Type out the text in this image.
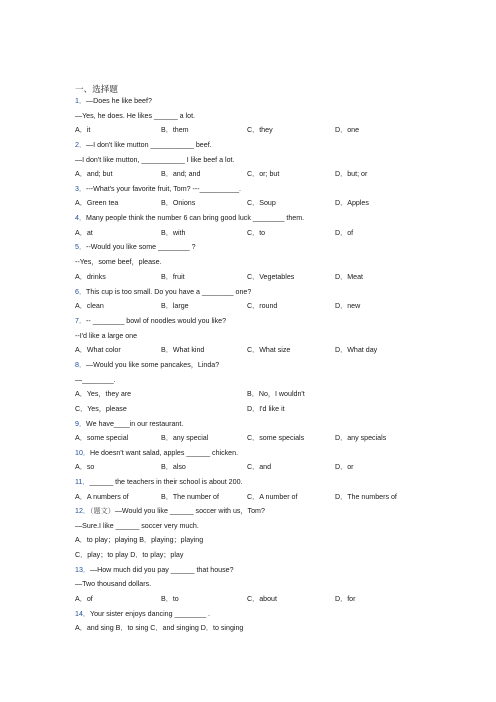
一、选择题
1．—Does he like beef?
—Yes, he does. He likes ______ a lot.
A．it	B．them	C．they	D．one
2．—I don't like mutton ___________ beef.
—I don't like mutton, ___________ I like beef a lot.
A．and; but	B．and; and	C．or; but	D．but; or
3．---What's your favorite fruit, Tom? ---__________.
A．Green tea	B．Onions	C．Soup	D．Apples
4．Many people think the number 6 can bring good luck ________ them.
A．at	B．with	C．to	D．of
5．--Would you like some ________ ?
--Yes，some beef，please.
A．drinks	B．fruit	C．Vegetables	D．Meat
6．This cup is too small. Do you have a ________ one?
A．clean	B．large	C．round	D．new
7．-- ________ bowl of noodles would you like?
--I'd like a large one
A．What color	B．What kind	C．What size	D．What day
8．—Would you like some pancakes，Linda?
—________.
A．Yes，they are	B．No，I wouldn't
C．Yes，please	D．I'd like it
9．We have____in our restaurant.
A．some special	B．any special	C．some specials	D．any specials
10．He doesn't want salad, apples ______ chicken.
A．so	B．also	C．and	D．or
11．______ the teachers in their school is about 200.
A．A numbers of	B．The number of	C．A number of	D．The numbers of
12．（题文）—Would you like ______ soccer with us，Tom?
—Sure.I like ______ soccer very much.
A．to play；playing B．playing；playing
C．play；to play D．to play；play
13．—How much did you pay ______ that house?
—Two thousand dollars.
A．of	B．to	C．about	D．for
14．Your sister enjoys dancing ________ .
A．and sing B．to sing C．and singing D．to singing
